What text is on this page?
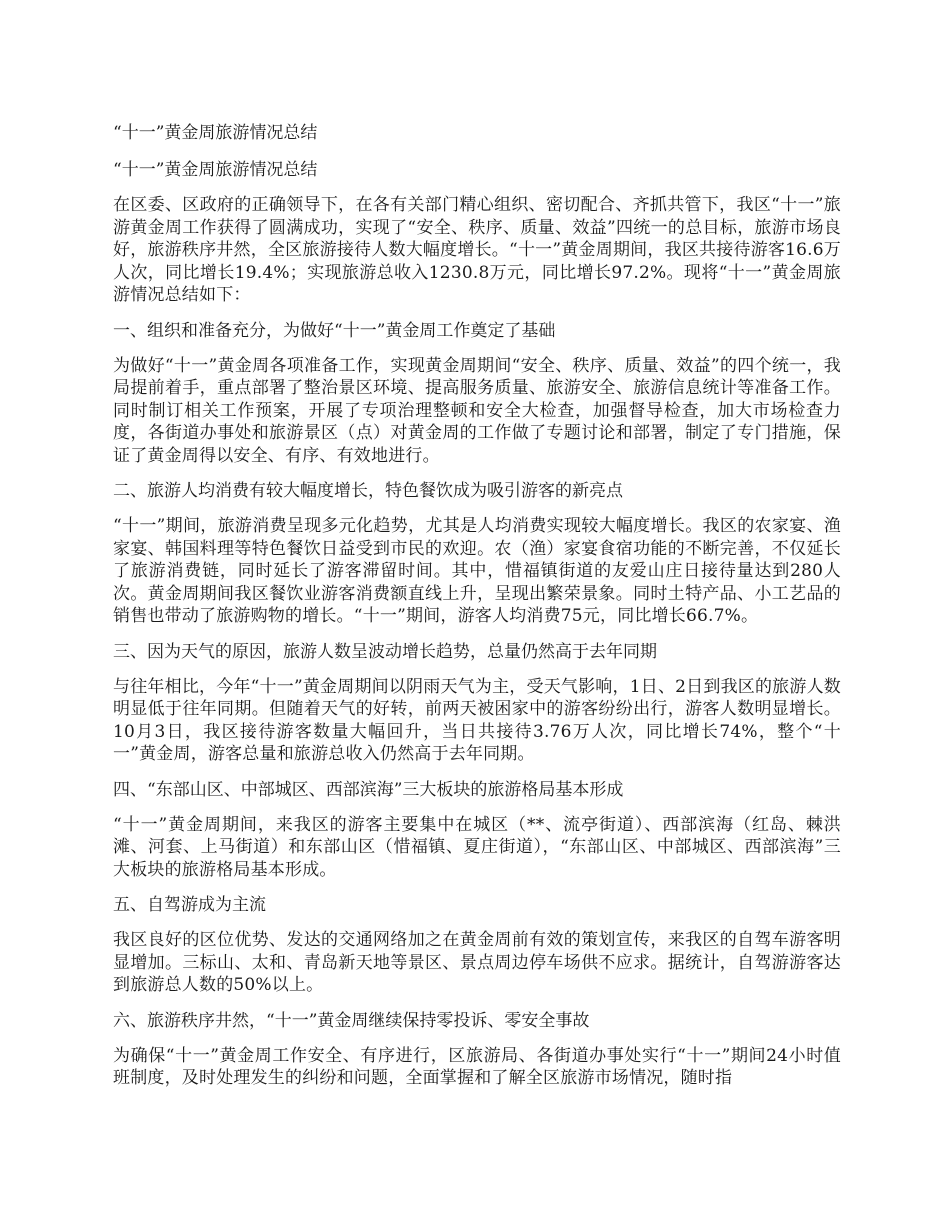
“十一”黄金周旅游情况总结

“十一”黄金周旅游情况总结

在区委、区政府的正确领导下，在各有关部门精心组织、密切配合、齐抓共管下，我区“十一”旅游黄金周工作获得了圆满成功，实现了“安全、秩序、质量、效益”四统一的总目标，旅游市场良好，旅游秩序井然，全区旅游接待人数大幅度增长。“十一”黄金周期间，我区共接待游客16.6万人次，同比增长19.4%；实现旅游总收入1230.8万元，同比增长97.2%。现将“十一”黄金周旅游情况总结如下：

一、组织和准备充分，为做好“十一”黄金周工作奠定了基础

为做好“十一”黄金周各项准备工作，实现黄金周期间“安全、秩序、质量、效益”的四个统一，我局提前着手，重点部署了整治景区环境、提高服务质量、旅游安全、旅游信息统计等准备工作。同时制订相关工作预案，开展了专项治理整顿和安全大检查，加强督导检查，加大市场检查力度，各街道办事处和旅游景区（点）对黄金周的工作做了专题讨论和部署，制定了专门措施，保证了黄金周得以安全、有序、有效地进行。

二、旅游人均消费有较大幅度增长，特色餐饮成为吸引游客的新亮点

“十一”期间，旅游消费呈现多元化趋势，尤其是人均消费实现较大幅度增长。我区的农家宴、渔家宴、韩国料理等特色餐饮日益受到市民的欢迎。农（渔）家宴食宿功能的不断完善，不仅延长了旅游消费链，同时延长了游客滞留时间。其中，惜福镇街道的友爱山庄日接待量达到280人次。黄金周期间我区餐饮业游客消费额直线上升，呈现出繁荣景象。同时土特产品、小工艺品的销售也带动了旅游购物的增长。“十一”期间，游客人均消费75元，同比增长66.7%。

三、因为天气的原因，旅游人数呈波动增长趋势，总量仍然高于去年同期

与往年相比，今年“十一”黄金周期间以阴雨天气为主，受天气影响，1日、2日到我区的旅游人数明显低于往年同期。但随着天气的好转，前两天被困家中的游客纷纷出行，游客人数明显增长。10月3日，我区接待游客数量大幅回升，当日共接待3.76万人次，同比增长74%，整个“十一”黄金周，游客总量和旅游总收入仍然高于去年同期。

四、“东部山区、中部城区、西部滨海”三大板块的旅游格局基本形成

“十一”黄金周期间，来我区的游客主要集中在城区（**、流亭街道）、西部滨海（红岛、棘洪滩、河套、上马街道）和东部山区（惜福镇、夏庄街道），“东部山区、中部城区、西部滨海”三大板块的旅游格局基本形成。

五、自驾游成为主流

我区良好的区位优势、发达的交通网络加之在黄金周前有效的策划宣传，来我区的自驾车游客明显增加。三标山、太和、青岛新天地等景区、景点周边停车场供不应求。据统计，自驾游游客达到旅游总人数的50%以上。

六、旅游秩序井然，“十一”黄金周继续保持零投诉、零安全事故

为确保“十一”黄金周工作安全、有序进行，区旅游局、各街道办事处实行“十一”期间24小时值班制度，及时处理发生的纠纷和问题，全面掌握和了解全区旅游市场情况，随时指
